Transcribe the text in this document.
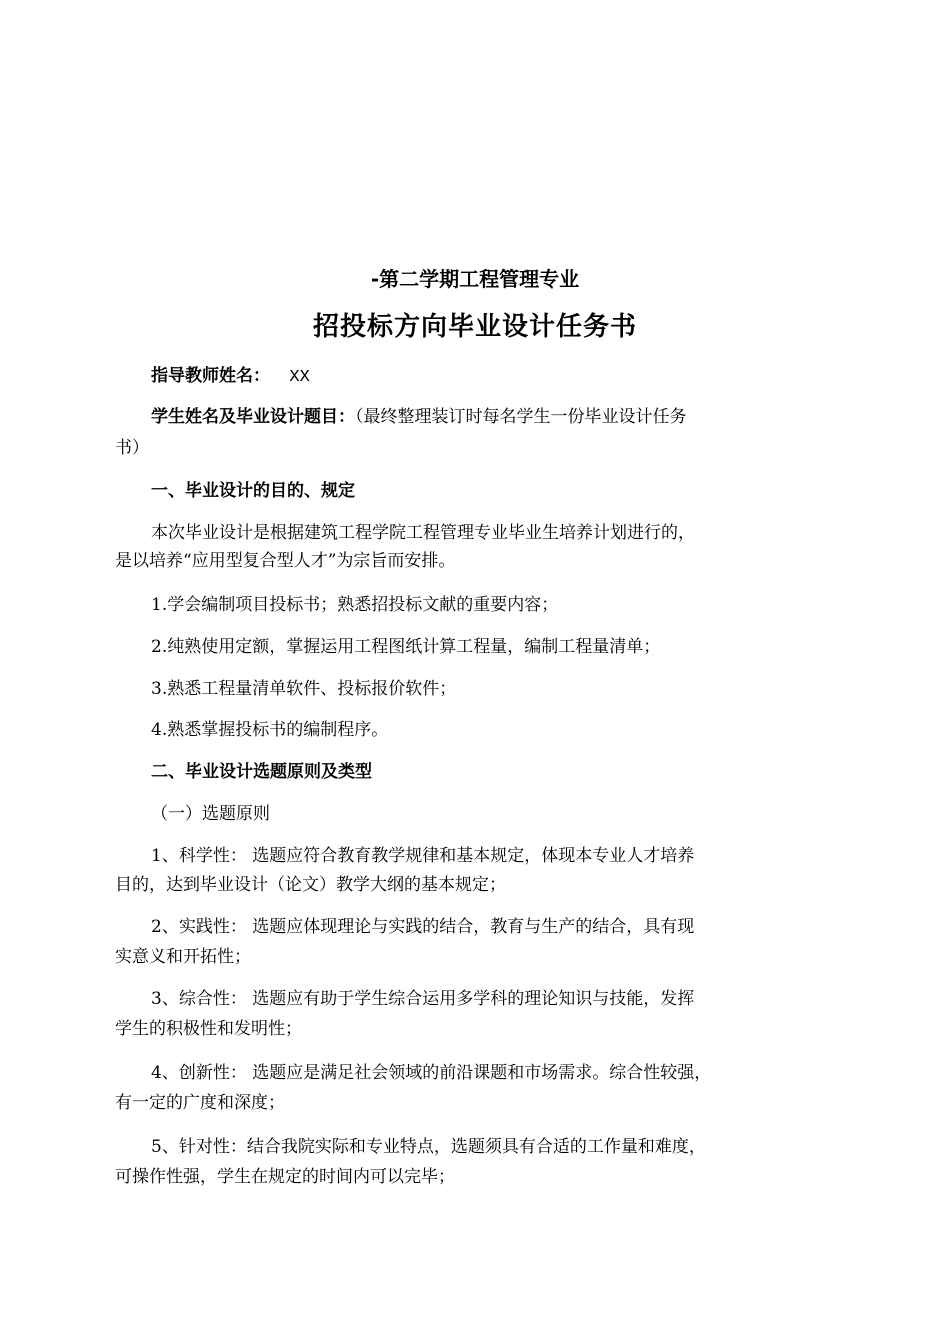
-第二学期工程管理专业
招投标方向毕业设计任务书
指导教师姓名： XX
学生姓名及毕业设计题目：（最终整理装订时每名学生一份毕业设计任务
书）
一、毕业设计的目的、规定
本次毕业设计是根据建筑工程学院工程管理专业毕业生培养计划进行的，
是以培养“应用型复合型人才”为宗旨而安排。
1.学会编制项目投标书；熟悉招投标文献的重要内容；
2.纯熟使用定额，掌握运用工程图纸计算工程量，编制工程量清单；
3.熟悉工程量清单软件、投标报价软件；
4.熟悉掌握投标书的编制程序。
二、毕业设计选题原则及类型
（一）选题原则
1、科学性： 选题应符合教育教学规律和基本规定，体现本专业人才培养
目的，达到毕业设计（论文）教学大纲的基本规定；
2、实践性： 选题应体现理论与实践的结合，教育与生产的结合，具有现
实意义和开拓性；
3、综合性： 选题应有助于学生综合运用多学科的理论知识与技能，发挥
学生的积极性和发明性；
4、创新性： 选题应是满足社会领域的前沿课题和市场需求。综合性较强，
有一定的广度和深度；
5、针对性：结合我院实际和专业特点，选题须具有合适的工作量和难度，
可操作性强，学生在规定的时间内可以完毕；
